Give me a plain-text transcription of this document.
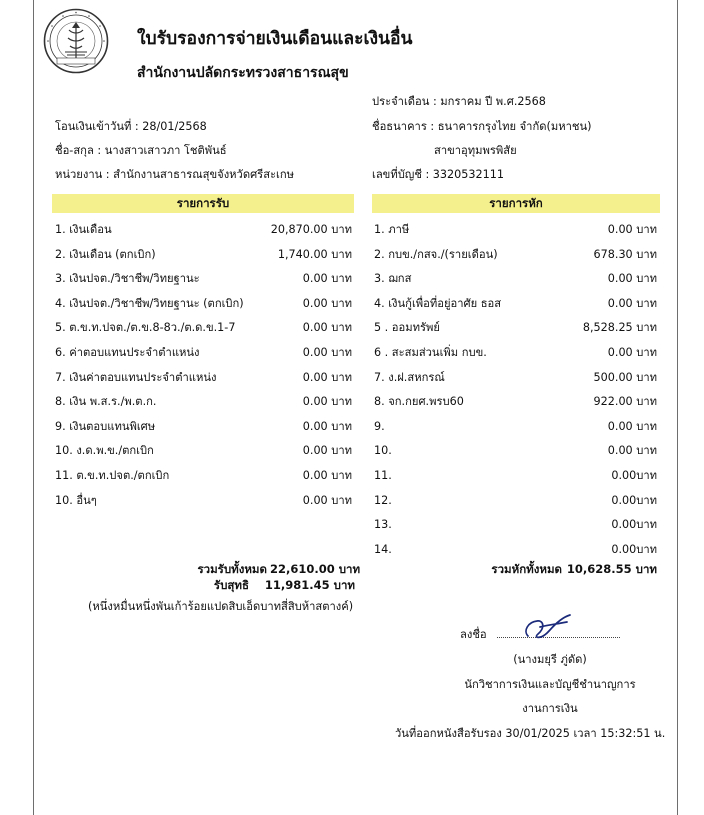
ใบรับรองการจ่ายเงินเดือนและเงินอื่น
สำนักงานปลัดกระทรวงสาธารณสุข
ประจำเดือน : มกราคม ปี พ.ศ.2568
โอนเงินเข้าวันที่ : 28/01/2568	ชื่อธนาคาร : ธนาคารกรุงไทย จำกัด(มหาชน)
ชื่อ-สกุล : นางสาวเสาวภา โชติพันธ์	สาขาอุทุมพรพิสัย
หน่วยงาน : สำนักงานสาธารณสุขจังหวัดศรีสะเกษ	เลขที่บัญชี : 3320532111
รายการรับ	รายการหัก
1. เงินเดือน	20,870.00 บาท
2. เงินเดือน (ตกเบิก)	1,740.00 บาท
3. เงินปจต./วิชาชีพ/วิทยฐานะ	0.00 บาท
4. เงินปจต./วิชาชีพ/วิทยฐานะ (ตกเบิก)	0.00 บาท
5. ต.ข.ท.ปจต./ต.ข.8-8ว./ต.ด.ข.1-7	0.00 บาท
6. ค่าตอบแทนประจำตำแหน่ง	0.00 บาท
7. เงินค่าตอบแทนประจำตำแหน่ง	0.00 บาท
8. เงิน พ.ส.ร./พ.ต.ก.	0.00 บาท
9. เงินตอบแทนพิเศษ	0.00 บาท
10. ง.ด.พ.ข./ตกเบิก	0.00 บาท
11. ต.ข.ท.ปจต./ตกเบิก	0.00 บาท
10. อื่นๆ	0.00 บาท
1. ภาษี	0.00 บาท
2. กบข./กสจ./(รายเดือน)	678.30 บาท
3. ฌกส	0.00 บาท
4. เงินกู้เพื่อที่อยู่อาศัย ธอส	0.00 บาท
5 . ออมทรัพย์	8,528.25 บาท
6 . สะสมส่วนเพิ่ม กบข.	0.00 บาท
7. ง.ฝ.สหกรณ์	500.00 บาท
8. จก.กยศ.พรบ60	922.00 บาท
9.	0.00 บาท
10.	0.00 บาท
11.	0.00บาท
12.	0.00บาท
13.	0.00บาท
14.	0.00บาท
รวมรับทั้งหมด 22,610.00 บาท
รับสุทธิ	11,981.45 บาท
(หนึ่งหมื่นหนึ่งพันเก้าร้อยแปดสิบเอ็ดบาทสี่สิบห้าสตางค์)
รวมหักทั้งหมด 10,628.55 บาท
ลงชื่อ
(นางมยุรี ภู่ดัด)
นักวิชาการเงินและบัญชีชำนาญการ
งานการเงิน
วันที่ออกหนังสือรับรอง 30/01/2025 เวลา 15:32:51 น.
